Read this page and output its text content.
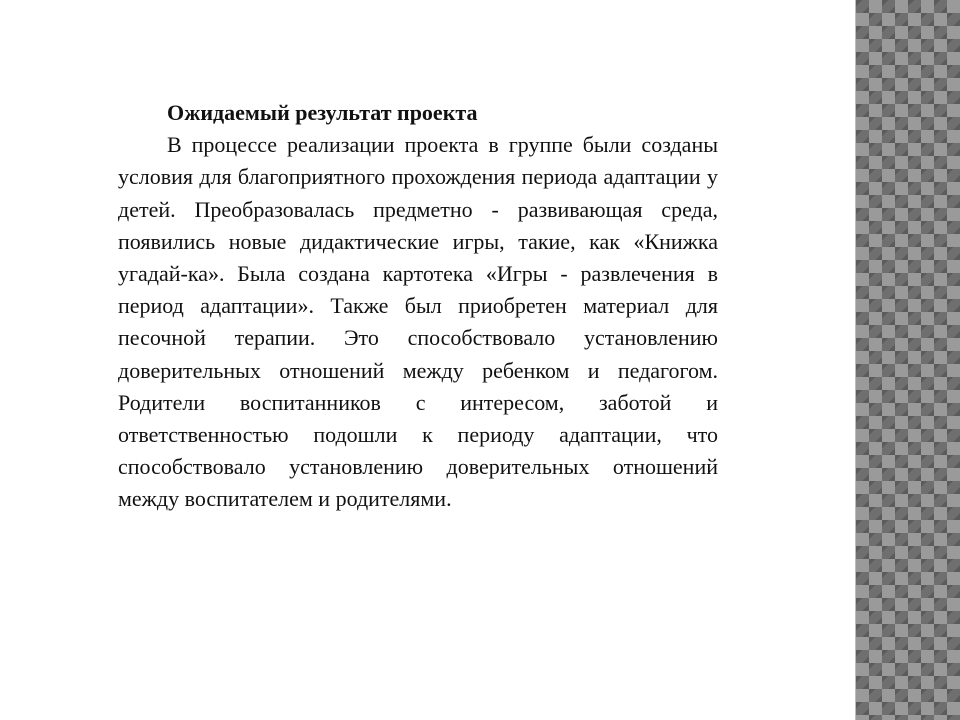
Ожидаемый результат проекта

В процессе реализации проекта в группе были созданы условия для благоприятного прохождения периода адаптации у детей. Преобразовалась предметно - развивающая среда, появились новые дидактические игры, такие, как «Книжка угадай-ка». Была создана картотека «Игры - развлечения в период адаптации». Также был приобретен материал для песочной терапии. Это способствовало установлению доверительных отношений между ребенком и педагогом. Родители воспитанников с интересом, заботой и ответственностью подошли к периоду адаптации, что способствовало установлению доверительных отношений между воспитателем и родителями.
